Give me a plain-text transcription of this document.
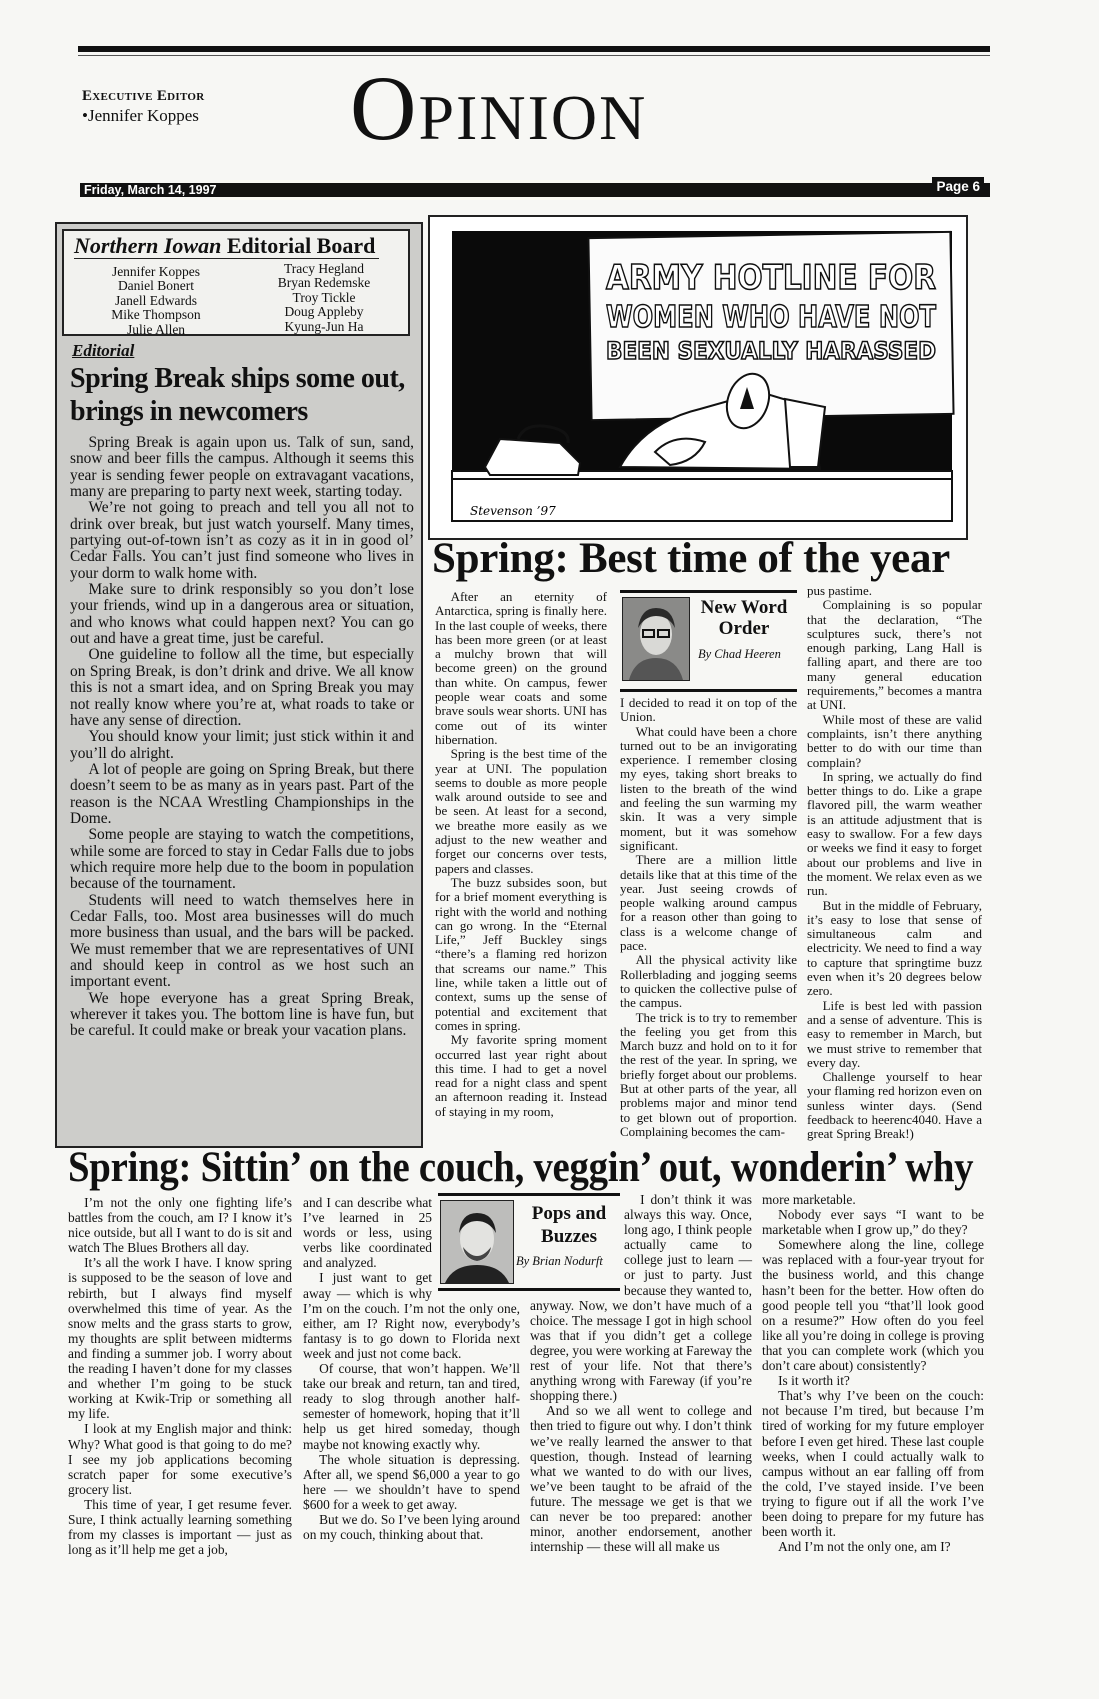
Executive Editor
•Jennifer Koppes Opinion
Friday, March 14, 1997	Page 6
Northern Iowan Editorial Board
Jennifer Koppes
Daniel Bonert
Janell Edwards
Mike Thompson
Julie Allen
Tracy Hegland
Bryan Redemske
Troy Tickle
Doug Appleby
Kyung-Jun Ha
Editorial
Spring Break ships some out, brings in newcomers

Spring Break is again upon us. Talk of sun, sand, snow and beer fills the campus. Although it seems this year is sending fewer people on extravagant vacations, many are preparing to party next week, starting today.

We’re not going to preach and tell you all not to drink over break, but just watch yourself. Many times, partying out-of-town isn’t as cozy as it in in good ol’ Cedar Falls. You can’t just find someone who lives in your dorm to walk home with.

Make sure to drink responsibly so you don’t lose your friends, wind up in a dangerous area or situation, and who knows what could happen next? You can go out and have a great time, just be careful.

One guideline to follow all the time, but especially on Spring Break, is don’t drink and drive. We all know this is not a smart idea, and on Spring Break you may not really know where you’re at, what roads to take or have any sense of direction.

You should know your limit; just stick within it and you’ll do alright.

A lot of people are going on Spring Break, but there doesn’t seem to be as many as in years past. Part of the reason is the NCAA Wrestling Championships in the Dome.

Some people are staying to watch the competitions, while some are forced to stay in Cedar Falls due to jobs which require more help due to the boom in population because of the tournament.

Students will need to watch themselves here in Cedar Falls, too. Most area businesses will do much more business than usual, and the bars will be packed. We must remember that we are representatives of UNI and should keep in control as we host such an important event.

We hope everyone has a great Spring Break, wherever it takes you. The bottom line is have fun, but be careful. It could make or break your vacation plans.

ARMY HOTLINE FOR
WOMEN WHO HAVE NOT
BEEN SEXUALLY HARASSED
Stevenson ’97
Spring: Best time of the year

After an eternity of Antarctica, spring is finally here. In the last couple of weeks, there has been more green (or at least a mulchy brown that will become green) on the ground than white. On campus, fewer people wear coats and some brave souls wear shorts. UNI has come out of its winter hibernation.

Spring is the best time of the year at UNI. The population seems to double as more people walk around outside to see and be seen. At least for a second, we breathe more easily as we adjust to the new weather and forget our concerns over tests, papers and classes.

The buzz subsides soon, but for a brief moment everything is right with the world and nothing can go wrong. In the “Eternal Life,” Jeff Buckley sings “there’s a flaming red horizon that screams our name.” This line, while taken a little out of context, sums up the sense of potential and excitement that comes in spring.

My favorite spring moment occurred last year right about this time. I had to get a novel read for a night class and spent an afternoon reading it. Instead of staying in my room,

New Word Order
By Chad Heeren

I decided to read it on top of the Union.

What could have been a chore turned out to be an invigorating experience. I remember closing my eyes, taking short breaks to listen to the breath of the wind and feeling the sun warming my skin. It was a very simple moment, but it was somehow significant.

There are a million little details like that at this time of the year. Just seeing crowds of people walking around campus for a reason other than going to class is a welcome change of pace.

All the physical activity like Rollerblading and jogging seems to quicken the collective pulse of the campus.

The trick is to try to remember the feeling you get from this March buzz and hold on to it for the rest of the year. In spring, we briefly forget about our problems. But at other parts of the year, all problems major and minor tend to get blown out of proportion. Complaining becomes the cam-

pus pastime.

Complaining is so popular that the declaration, “The sculptures suck, there’s not enough parking, Lang Hall is falling apart, and there are too many general education requirements,” becomes a mantra at UNI.

While most of these are valid complaints, isn’t there anything better to do with our time than complain?

In spring, we actually do find better things to do. Like a grape flavored pill, the warm weather is an attitude adjustment that is easy to swallow. For a few days or weeks we find it easy to forget about our problems and live in the moment. We relax even as we run.

But in the middle of February, it’s easy to lose that sense of simultaneous calm and electricity. We need to find a way to capture that springtime buzz even when it’s 20 degrees below zero.

Life is best led with passion and a sense of adventure. This is easy to remember in March, but we must strive to remember that every day.

Challenge yourself to hear your flaming red horizon even on sunless winter days. (Send feedback to heerenc4040. Have a great Spring Break!)

Spring: Sittin’ on the couch, veggin’ out, wonderin’ why
Pops and Buzzes
By Brian Nodurft

I’m not the only one fighting life’s battles from the couch, am I? I know it’s nice outside, but all I want to do is sit and watch The Blues Brothers all day.

It’s all the work I have. I know spring is supposed to be the season of love and rebirth, but I always find myself overwhelmed this time of year. As the snow melts and the grass starts to grow, my thoughts are split between midterms and finding a summer job. I worry about the reading I haven’t done for my classes and whether I’m going to be stuck working at Kwik-Trip or something all my life.

I look at my English major and think: Why? What good is that going to do me? I see my job applications becoming scratch paper for some executive’s grocery list.

This time of year, I get resume fever. Sure, I think actually learning something from my classes is important — just as long as it’ll help me get a job,

and I can describe what I’ve learned in 25 words or less, using verbs like coordinated and analyzed.

I just want to get away — which is why I’m on the couch. I’m not the only one, either, am I? Right now, everybody’s fantasy is to go down to Florida next week and just not come back.

Of course, that won’t happen. We’ll take our break and return, tan and tired, ready to slog through another half-semester of homework, hoping that it’ll help us get hired someday, though maybe not knowing exactly why.

The whole situation is depressing. After all, we spend $6,000 a year to go here — we shouldn’t have to spend $600 for a week to get away.

But we do. So I’ve been lying around on my couch, thinking about that.

I don’t think it was always this way. Once, long ago, I think people actually came to college just to learn — or just to party. Just because they wanted to, anyway. Now, we don’t have much of a choice. The message I got in high school was that if you didn’t get a college degree, you were working at Fareway the rest of your life. Not that there’s anything wrong with Fareway (if you’re shopping there.)

And so we all went to college and then tried to figure out why. I don’t think we’ve really learned the answer to that question, though. Instead of learning what we wanted to do with our lives, we’ve been taught to be afraid of the future. The message we get is that we can never be too prepared: another minor, another endorsement, another internship — these will all make us

more marketable.

Nobody ever says “I want to be marketable when I grow up,” do they?

Somewhere along the line, college was replaced with a four-year tryout for the business world, and this change hasn’t been for the better. How often do good people tell you “that’ll look good on a resume?” How often do you feel like all you’re doing in college is proving that you can complete work (which you don’t care about) consistently?

Is it worth it?

That’s why I’ve been on the couch: not because I’m tired, but because I’m tired of working for my future employer before I even get hired. These last couple weeks, when I could actually walk to campus without an ear falling off from the cold, I’ve stayed inside. I’ve been trying to figure out if all the work I’ve been doing to prepare for my future has been worth it.

And I’m not the only one, am I?
